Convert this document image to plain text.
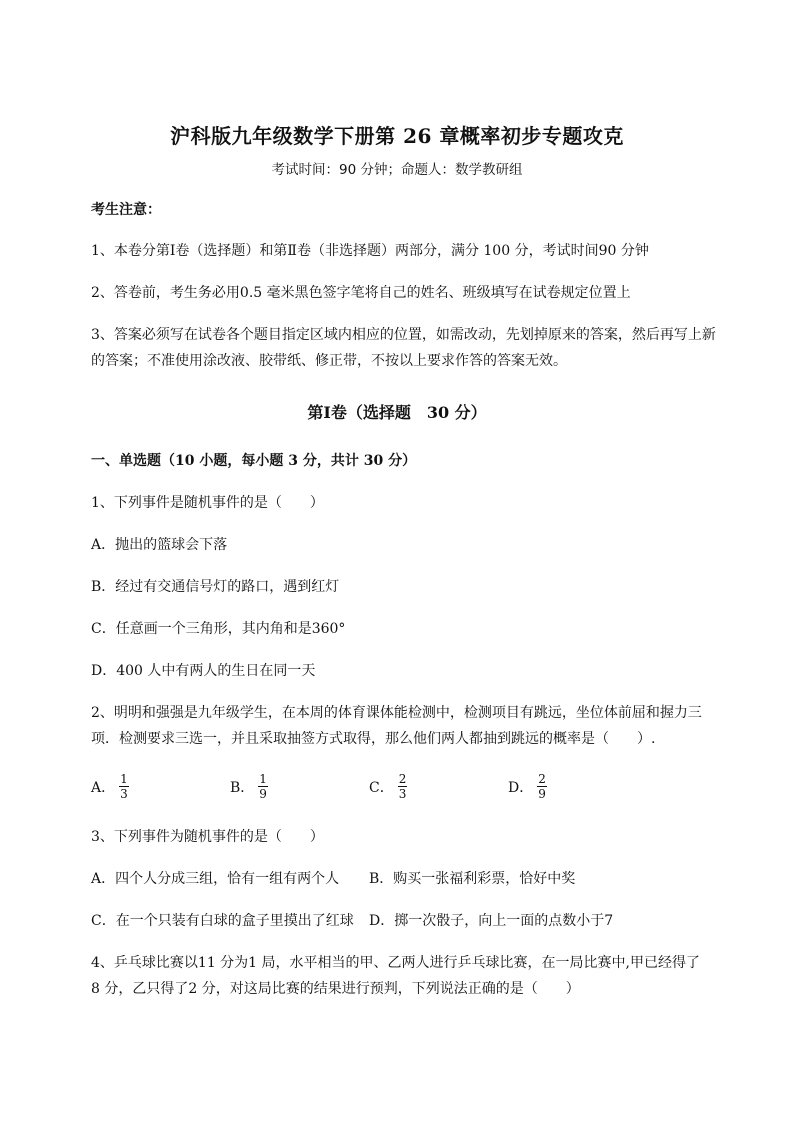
沪科版九年级数学下册第 26 章概率初步专题攻克
考试时间：90 分钟；命题人：数学教研组
考生注意：
1、本卷分第Ⅰ卷（选择题）和第Ⅱ卷（非选择题）两部分，满分 100 分，考试时间90 分钟
2、答卷前，考生务必用0.5 毫米黑色签字笔将自己的姓名、班级填写在试卷规定位置上
3、答案必须写在试卷各个题目指定区域内相应的位置，如需改动，先划掉原来的答案，然后再写上新
的答案；不准使用涂改液、胶带纸、修正带，不按以上要求作答的答案无效。
第Ⅰ卷（选择题　30 分）
一、单选题（10 小题，每小题 3 分，共计 30 分）
1、下列事件是随机事件的是（　　）
A．抛出的篮球会下落
B．经过有交通信号灯的路口，遇到红灯
C．任意画一个三角形，其内角和是360°
D．400 人中有两人的生日在同一天
2、明明和强强是九年级学生，在本周的体育课体能检测中，检测项目有跳远，坐位体前屈和握力三
项．检测要求三选一，并且采取抽签方式取得，那么他们两人都抽到跳远的概率是（　　）.
A． $\frac{1}{3}$	B． $\frac{1}{9}$	C． $\frac{2}{3}$	D． $\frac{2}{9}$
3、下列事件为随机事件的是（　　）
A．四个人分成三组，恰有一组有两个人 B．购买一张福利彩票，恰好中奖
C．在一个只装有白球的盒子里摸出了红球 D．掷一次骰子，向上一面的点数小于7
4、乒乓球比赛以11 分为1 局，水平相当的甲、乙两人进行乒乓球比赛，在一局比赛中,甲已经得了
8 分，乙只得了2 分，对这局比赛的结果进行预判，下列说法正确的是（　　）
